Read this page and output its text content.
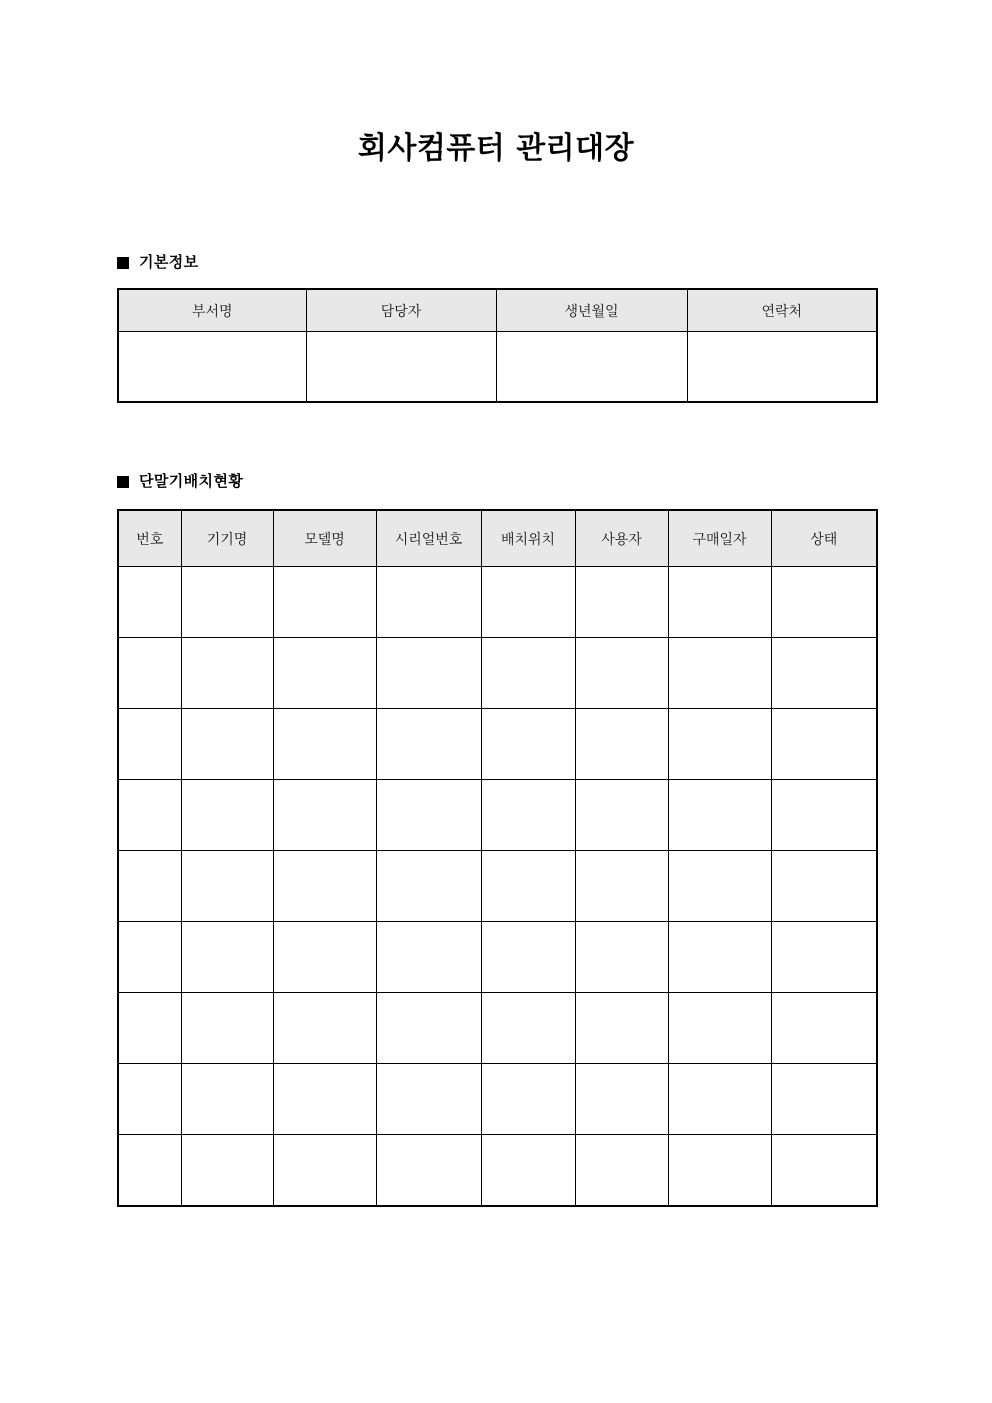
회사컴퓨터 관리대장
기본정보
부서명	담당자	생년월일	연락처

단말기배치현황
번호	기기명	모델명	시리얼번호	배치위치	사용자	구매일자	상태
